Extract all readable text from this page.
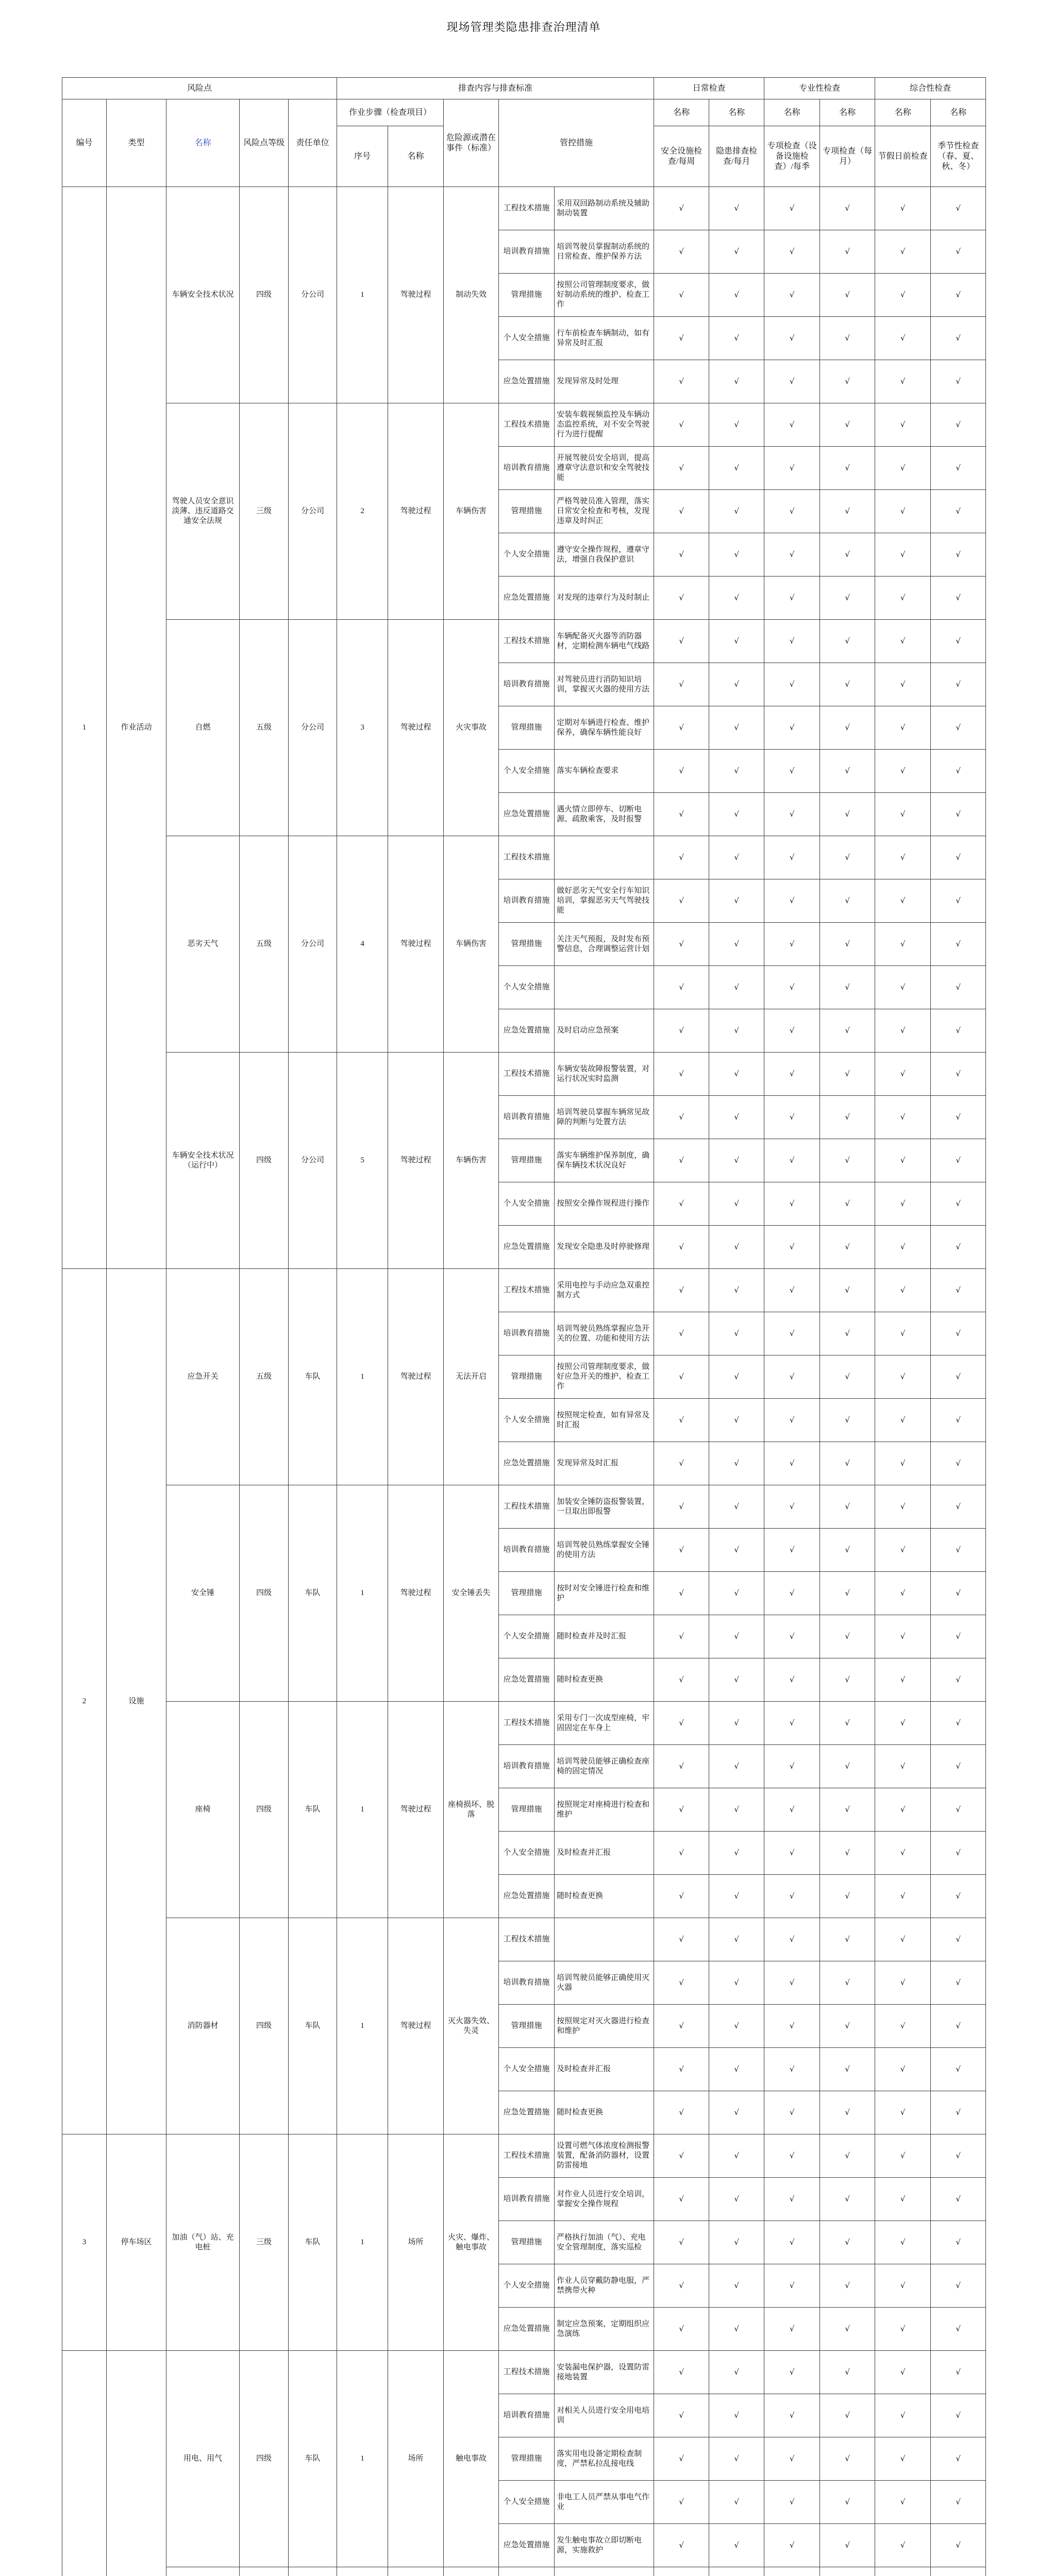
现场管理类隐患排查治理清单
风险点					排查内容与排查标准					日常检查		专业性检查		综合性检查	
编号	类型	名称	风险点等级	责任单位	作业步骤（检查项目）		危险源或潜在事件（标准）	管控措施		名称	名称	名称	名称	名称	名称
					序号	名称				安全设施检查/每周	隐患排查检查/每月	专项检查（设备设施检查）/每季	专项检查（每月）	节假日前检查	季节性检查（春、夏、秋、冬）
1	作业活动	车辆安全技术状况	四级	分公司	1	驾驶过程	制动失效	工程技术措施	采用双回路制动系统及辅助制动装置	√	√	√	√	√	√
								培训教育措施	培训驾驶员掌握制动系统的日常检查、维护保养方法	√	√	√	√	√	√
								管理措施	按照公司管理制度要求，做好制动系统的维护、检查工作	√	√	√	√	√	√
								个人安全措施	行车前检查车辆制动，如有异常及时汇报	√	√	√	√	√	√
								应急处置措施	发现异常及时处理	√	√	√	√	√	√
		驾驶人员安全意识淡薄、违反道路交通安全法规	三级	分公司	2	驾驶过程	车辆伤害	工程技术措施	安装车载视频监控及车辆动态监控系统，对不安全驾驶行为进行提醒	√	√	√	√	√	√
								培训教育措施	开展驾驶员安全培训，提高遵章守法意识和安全驾驶技能	√	√	√	√	√	√
								管理措施	严格驾驶员准入管理，落实日常安全检查和考核，发现违章及时纠正	√	√	√	√	√	√
								个人安全措施	遵守安全操作规程，遵章守法，增强自我保护意识	√	√	√	√	√	√
								应急处置措施	对发现的违章行为及时制止	√	√	√	√	√	√
		自燃	五级	分公司	3	驾驶过程	火灾事故	工程技术措施	车辆配备灭火器等消防器材，定期检测车辆电气线路	√	√	√	√	√	√
								培训教育措施	对驾驶员进行消防知识培训，掌握灭火器的使用方法	√	√	√	√	√	√
								管理措施	定期对车辆进行检查、维护保养，确保车辆性能良好	√	√	√	√	√	√
								个人安全措施	落实车辆检查要求	√	√	√	√	√	√
								应急处置措施	遇火情立即停车、切断电源、疏散乘客，及时报警	√	√	√	√	√	√
		恶劣天气	五级	分公司	4	驾驶过程	车辆伤害	工程技术措施		√	√	√	√	√	√
								培训教育措施	做好恶劣天气安全行车知识培训，掌握恶劣天气驾驶技能	√	√	√	√	√	√
								管理措施	关注天气预报，及时发布预警信息，合理调整运营计划	√	√	√	√	√	√
								个人安全措施		√	√	√	√	√	√
								应急处置措施	及时启动应急预案	√	√	√	√	√	√
		车辆安全技术状况（运行中）	四级	分公司	5	驾驶过程	车辆伤害	工程技术措施	车辆安装故障报警装置，对运行状况实时监测	√	√	√	√	√	√
								培训教育措施	培训驾驶员掌握车辆常见故障的判断与处置方法	√	√	√	√	√	√
								管理措施	落实车辆维护保养制度，确保车辆技术状况良好	√	√	√	√	√	√
								个人安全措施	按照安全操作规程进行操作	√	√	√	√	√	√
								应急处置措施	发现安全隐患及时停驶修理	√	√	√	√	√	√
2	设施	应急开关	五级	车队	1	驾驶过程	无法开启	工程技术措施	采用电控与手动应急双重控制方式	√	√	√	√	√	√
								培训教育措施	培训驾驶员熟练掌握应急开关的位置、功能和使用方法	√	√	√	√	√	√
								管理措施	按照公司管理制度要求，做好应急开关的维护、检查工作	√	√	√	√	√	√
								个人安全措施	按照规定检查，如有异常及时汇报	√	√	√	√	√	√
								应急处置措施	发现异常及时汇报	√	√	√	√	√	√
		安全锤	四级	车队	1	驾驶过程	安全锤丢失	工程技术措施	加装安全锤防盗报警装置，一旦取出即报警	√	√	√	√	√	√
								培训教育措施	培训驾驶员熟练掌握安全锤的使用方法	√	√	√	√	√	√
								管理措施	按时对安全锤进行检查和维护	√	√	√	√	√	√
								个人安全措施	随时检查并及时汇报	√	√	√	√	√	√
								应急处置措施	随时检查更换	√	√	√	√	√	√
		座椅	四级	车队	1	驾驶过程	座椅损坏、脱落	工程技术措施	采用专门一次成型座椅，牢固固定在车身上	√	√	√	√	√	√
								培训教育措施	培训驾驶员能够正确检查座椅的固定情况	√	√	√	√	√	√
								管理措施	按照规定对座椅进行检查和维护	√	√	√	√	√	√
								个人安全措施	及时检查并汇报	√	√	√	√	√	√
								应急处置措施	随时检查更换	√	√	√	√	√	√
		消防器材	四级	车队	1	驾驶过程	灭火器失效、失灵	工程技术措施		√	√	√	√	√	√
								培训教育措施	培训驾驶员能够正确使用灭火器	√	√	√	√	√	√
								管理措施	按照规定对灭火器进行检查和维护	√	√	√	√	√	√
								个人安全措施	及时检查并汇报	√	√	√	√	√	√
								应急处置措施	随时检查更换	√	√	√	√	√	√
3	停车场区	加油（气）站、充电桩	三级	车队	1	场所	火灾、爆炸、触电事故	工程技术措施	设置可燃气体浓度检测报警装置，配备消防器材，设置防雷接地	√	√	√	√	√	√
								培训教育措施	对作业人员进行安全培训，掌握安全操作规程	√	√	√	√	√	√
								管理措施	严格执行加油（气）、充电安全管理制度，落实巡检	√	√	√	√	√	√
								个人安全措施	作业人员穿戴防静电服，严禁携带火种	√	√	√	√	√	√
								应急处置措施	制定应急预案，定期组织应急演练	√	√	√	√	√	√
		用电、用气	四级	车队	1	场所	触电事故	工程技术措施	安装漏电保护器，设置防雷接地装置	√	√	√	√	√	√
								培训教育措施	对相关人员进行安全用电培训	√	√	√	√	√	√
								管理措施	落实用电设备定期检查制度，严禁私拉乱接电线	√	√	√	√	√	√
								个人安全措施	非电工人员严禁从事电气作业	√	√	√	√	√	√
								应急处置措施	发生触电事故立即切断电源，实施救护	√	√	√	√	√	√
